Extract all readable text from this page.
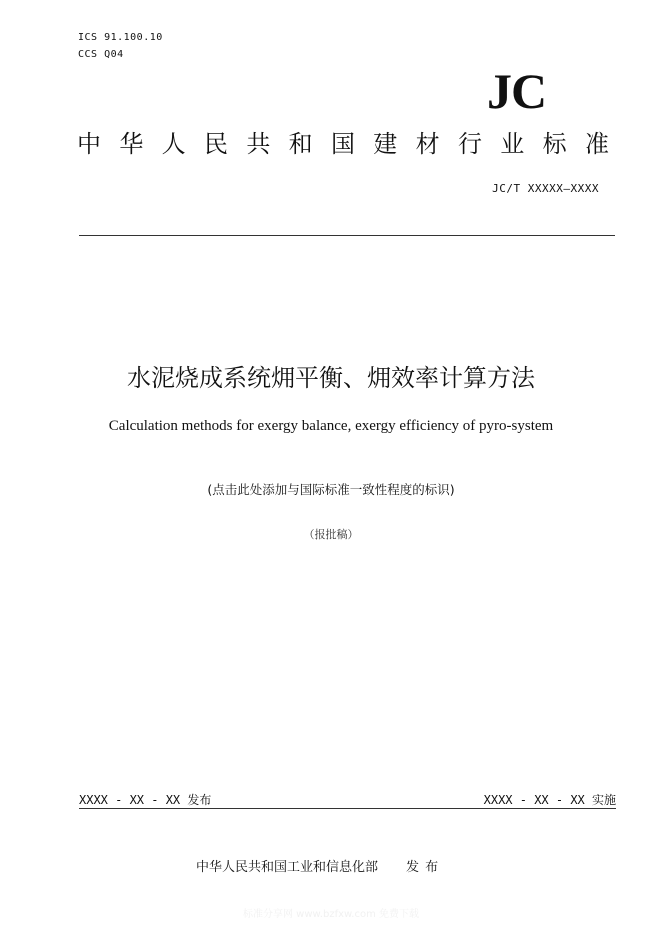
ICS 91.100.10
CCS Q04
JC
中 华 人 民 共 和 国 建 材 行 业 标 准
JC/T XXXXX—XXXX
水泥烧成系统㶲平衡、㶲效率计算方法
Calculation methods for exergy balance, exergy efficiency of pyro-system
(点击此处添加与国际标准一致性程度的标识)
（报批稿）
XXXX - XX - XX 发布	XXXX - XX - XX 实施
中华人民共和国工业和信息化部 发 布
标准分享网 www.bzfxw.com 免费下载
